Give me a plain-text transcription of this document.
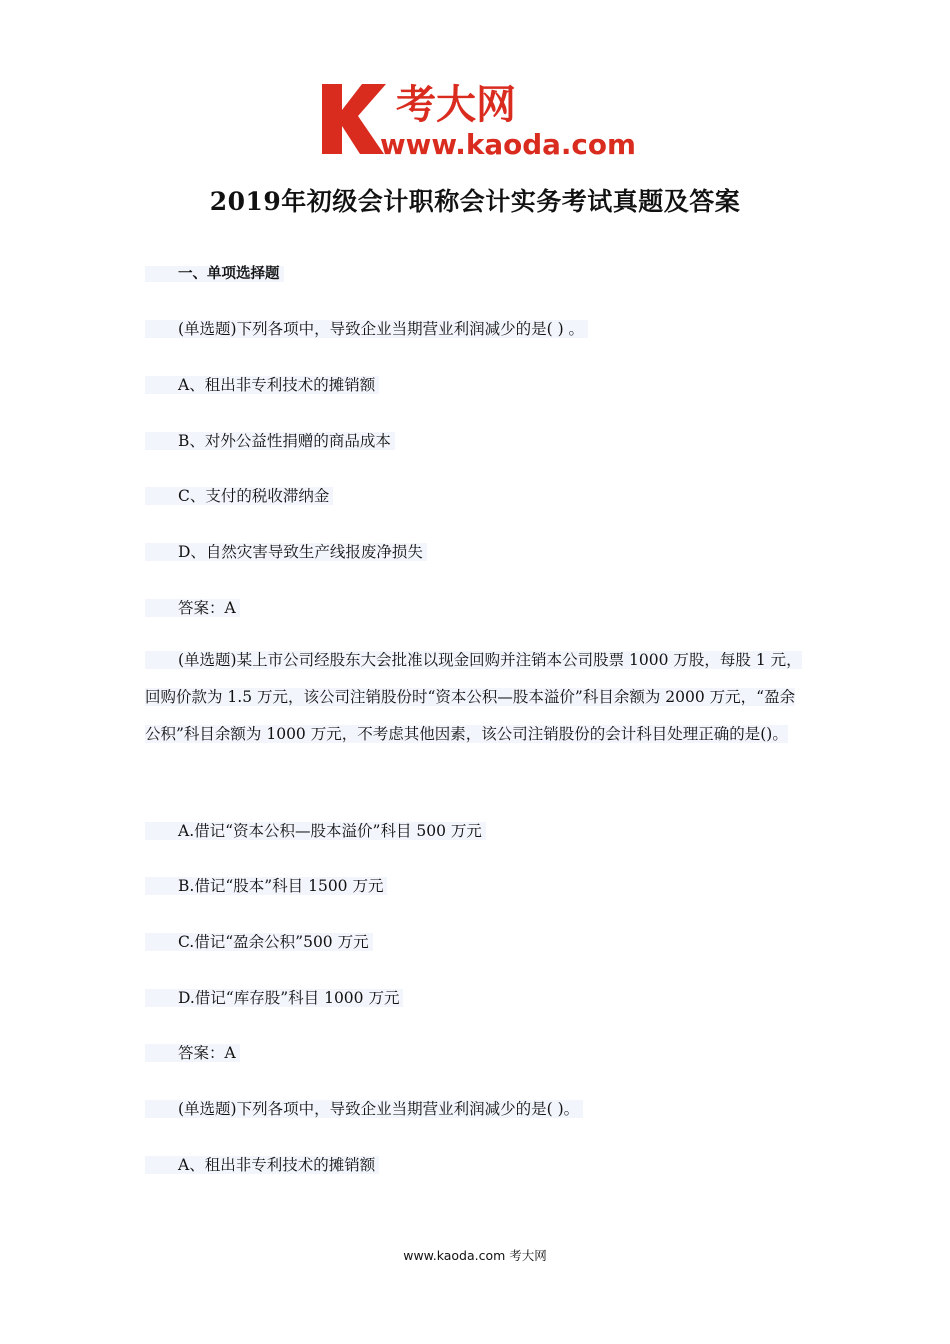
考大网
www.kaoda.com
2019年初级会计职称会计实务考试真题及答案
一、单项选择题
(单选题)下列各项中，导致企业当期营业利润减少的是( ) 。
A、租出非专利技术的摊销额
B、对外公益性捐赠的商品成本
C、支付的税收滞纳金
D、自然灾害导致生产线报废净损失
答案：A
(单选题)某上市公司经股东大会批准以现金回购并注销本公司股票 1000 万股，每股 1 元，回购价款为 1.5 万元，该公司注销股份时“资本公积—股本溢价”科目余额为 2000 万元，“盈余公积”科目余额为 1000 万元，不考虑其他因素，该公司注销股份的会计科目处理正确的是()。
A.借记“资本公积—股本溢价”科目 500 万元
B.借记“股本”科目 1500 万元
C.借记“盈余公积”500 万元
D.借记“库存股”科目 1000 万元
答案：A
(单选题)下列各项中，导致企业当期营业利润减少的是( )。
A、租出非专利技术的摊销额
www.kaoda.com 考大网
